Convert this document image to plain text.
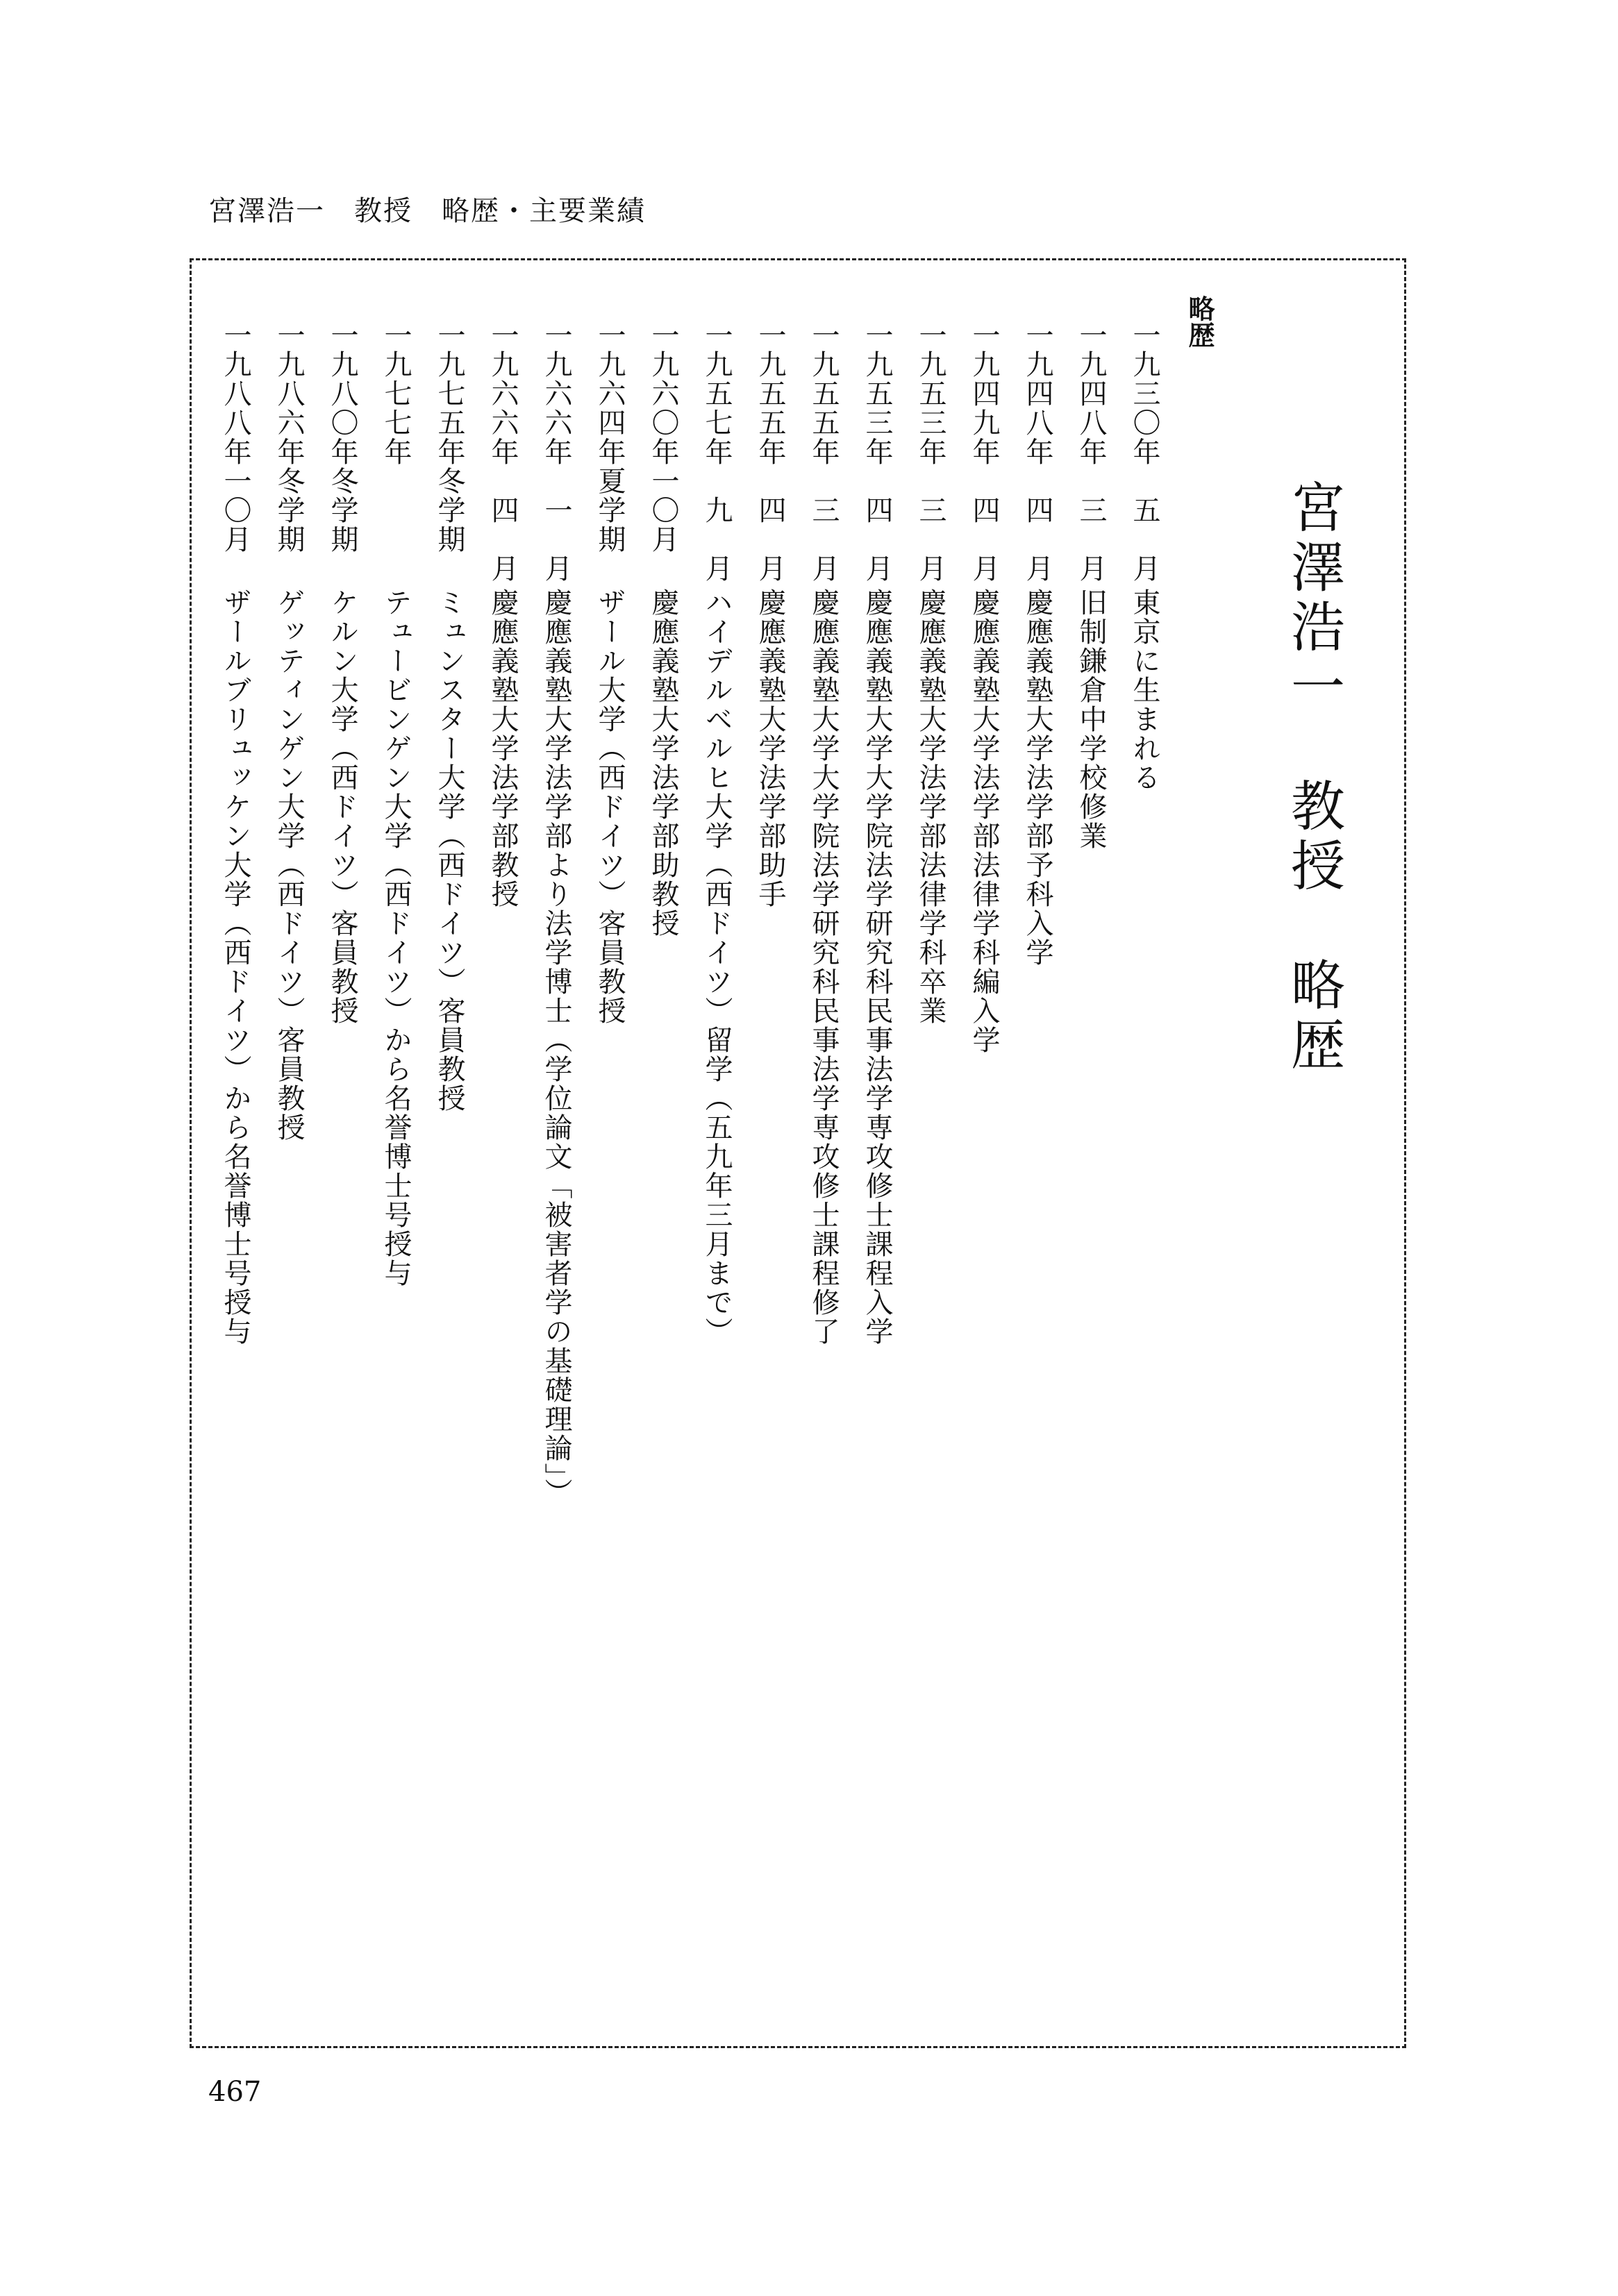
宮澤浩一　教授　略歴・主要業績
宮澤浩一　教授　略歴
略歴
一九三〇年　五　月
東京に生まれる
一九四八年　三　月
旧制鎌倉中学校修業
一九四八年　四　月
慶應義塾大学法学部予科入学
一九四九年　四　月
慶應義塾大学法学部法律学科編入学
一九五三年　三　月
慶應義塾大学法学部法律学科卒業
一九五三年　四　月
慶應義塾大学大学院法学研究科民事法学専攻修士課程入学
一九五五年　三　月
慶應義塾大学大学院法学研究科民事法学専攻修士課程修了
一九五五年　四　月
慶應義塾大学法学部助手
一九五七年　九　月
ハイデルベルヒ大学（西ドイツ）留学（五九年三月まで）
一九六〇年一〇月
慶應義塾大学法学部助教授
一九六四年夏学期
ザール大学（西ドイツ）客員教授
一九六六年　一　月
慶應義塾大学法学部より法学博士（学位論文「被害者学の基礎理論」）
一九六六年　四　月
慶應義塾大学法学部教授
一九七五年冬学期
ミュンスター大学（西ドイツ）客員教授
一九七七年
テュービンゲン大学（西ドイツ）から名誉博士号授与
一九八〇年冬学期
ケルン大学（西ドイツ）客員教授
一九八六年冬学期
ゲッティンゲン大学（西ドイツ）客員教授
一九八八年一〇月
ザールブリュッケン大学（西ドイツ）から名誉博士号授与
467
